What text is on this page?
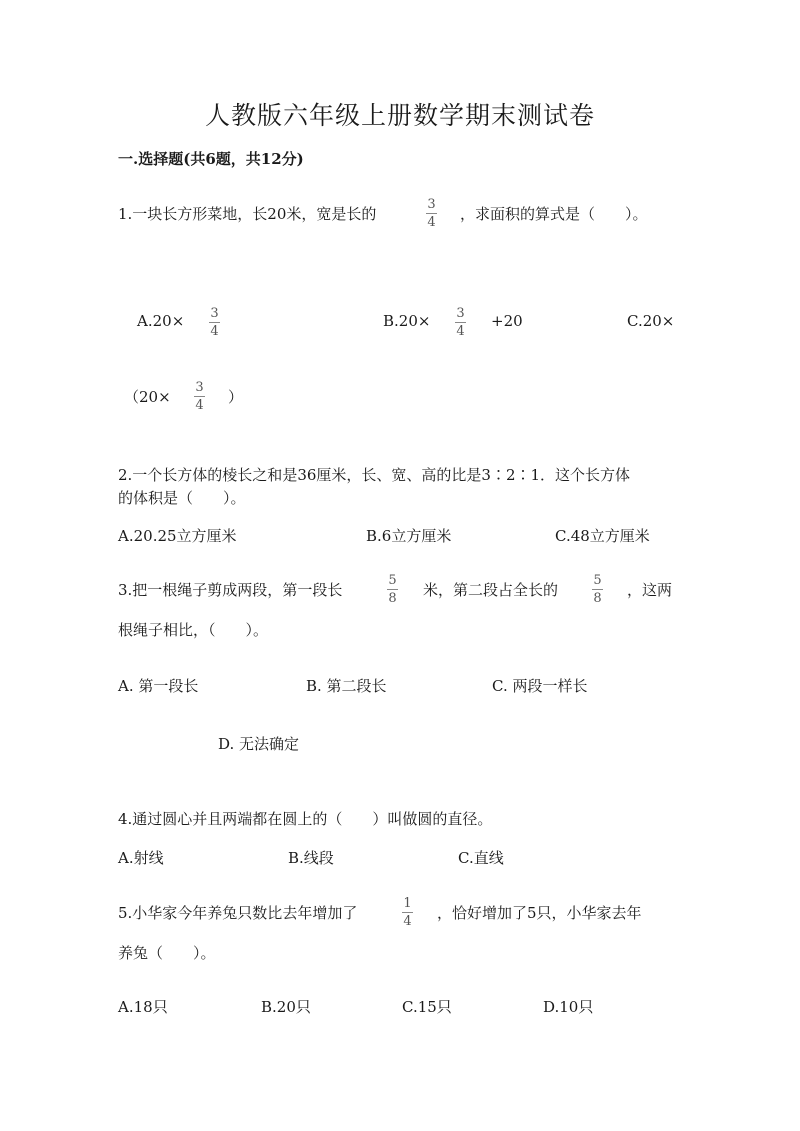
人教版六年级上册数学期末测试卷
一.选择题(共6题，共12分)
1.一块长方形菜地，长20米，宽是长的
3
4 ，求面积的算式是（　　）。
A.20× 3
4
B.20× 3
4
+20	C.20×
（20×
3
4 ）
2.一个长方体的棱长之和是36厘米，长、宽、高的比是3∶2∶1．这个长方体
的体积是（　　）。
A.20.25立方厘米	B.6立方厘米	C.48立方厘米
3.把一根绳子剪成两段，第一段长
5
8 米，第二段占全长的
5
8 ，这两
根绳子相比，（　　）。
A. 第一段长	B. 第二段长	C. 两段一样长
D. 无法确定
4.通过圆心并且两端都在圆上的（　　）叫做圆的直径。
A.射线	B.线段	C.直线
5.小华家今年养兔只数比去年增加了
1
4 ，恰好增加了5只，小华家去年
养兔（　　）。
A.18只	B.20只	C.15只	D.10只
